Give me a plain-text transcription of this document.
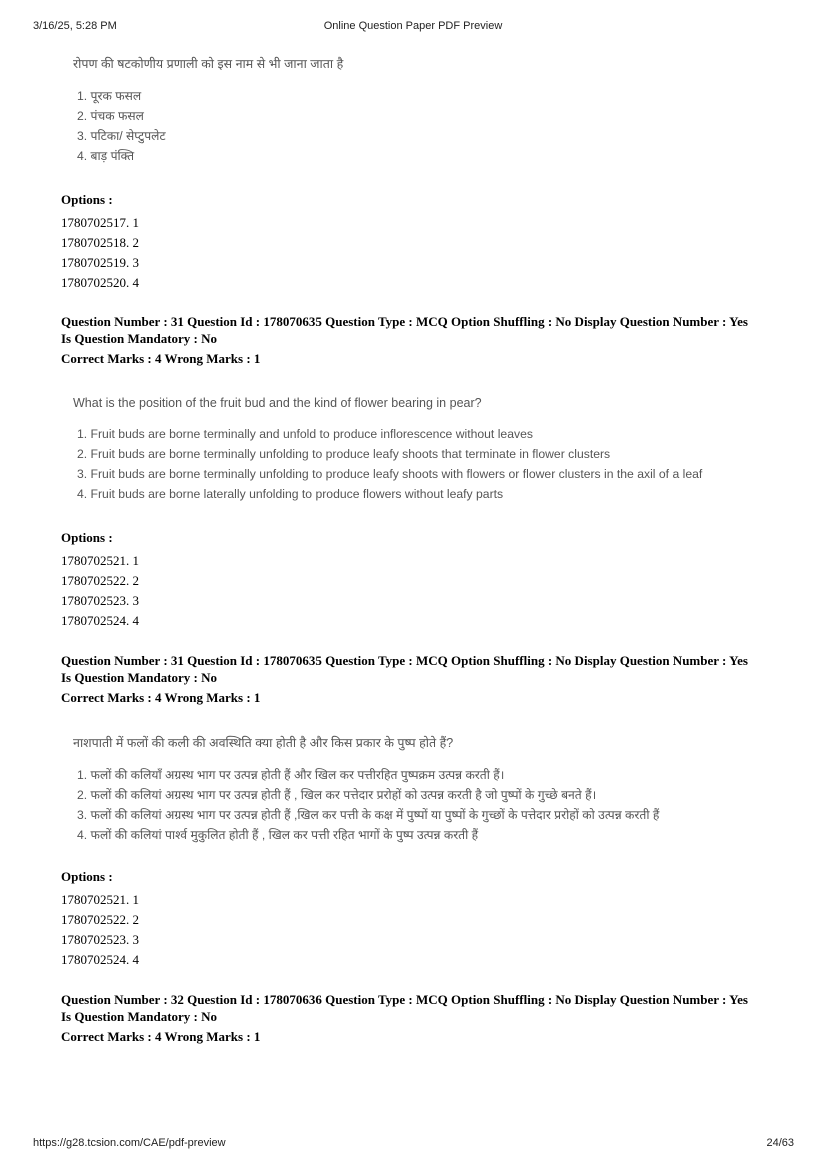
3/16/25, 5:28 PM	Online Question Paper PDF Preview
https://g28.tcsion.com/CAE/pdf-preview	24/63

रोपण की षटकोणीय प्रणाली को इस नाम से भी जाना जाता है

1. पूरक फसल
2. पंचक फसल
3. पटिका/ सेप्टुपलेट
4. बाड़ पंक्ति
Options :
1780702517. 1
1780702518. 2
1780702519. 3
1780702520. 4
Question Number : 31 Question Id : 178070635 Question Type : MCQ Option Shuffling : No Display Question Number : Yes
Is Question Mandatory : No
Correct Marks : 4 Wrong Marks : 1

What is the position of the fruit bud and the kind of flower bearing in pear?

1. Fruit buds are borne terminally and unfold to produce inflorescence without leaves
2. Fruit buds are borne terminally unfolding to produce leafy shoots that terminate in flower clusters
3. Fruit buds are borne terminally unfolding to produce leafy shoots with flowers or flower clusters in the axil of a leaf
4. Fruit buds are borne laterally unfolding to produce flowers without leafy parts
Options :
1780702521. 1
1780702522. 2
1780702523. 3
1780702524. 4
Question Number : 31 Question Id : 178070635 Question Type : MCQ Option Shuffling : No Display Question Number : Yes
Is Question Mandatory : No
Correct Marks : 4 Wrong Marks : 1

नाशपाती में फलों की कली की अवस्थिति क्या होती है और किस प्रकार के पुष्प होते हैं?

1. फलों की कलियाँ अग्रस्थ भाग पर उत्पन्न होती हैं और खिल कर पत्तीरहित पुष्पक्रम उत्पन्न करती हैं।
2. फलों की कलियां अग्रस्थ भाग पर उत्पन्न होती हैं , खिल कर पत्तेदार प्ररोहों को उत्पन्न करती है जो पुष्पों के गुच्छे बनते हैं।
3. फलों की कलियां अग्रस्थ भाग पर उत्पन्न होती हैं ,खिल कर पत्ती के कक्ष में पुष्पों या पुष्पों के गुच्छों के पत्तेदार प्ररोहों को उत्पन्न करती हैं
4. फलों की कलियां पार्श्व मुकुलित होती हैं , खिल कर पत्ती रहित भागों के पुष्प उत्पन्न करती हैं
Options :
1780702521. 1
1780702522. 2
1780702523. 3
1780702524. 4
Question Number : 32 Question Id : 178070636 Question Type : MCQ Option Shuffling : No Display Question Number : Yes
Is Question Mandatory : No
Correct Marks : 4 Wrong Marks : 1
